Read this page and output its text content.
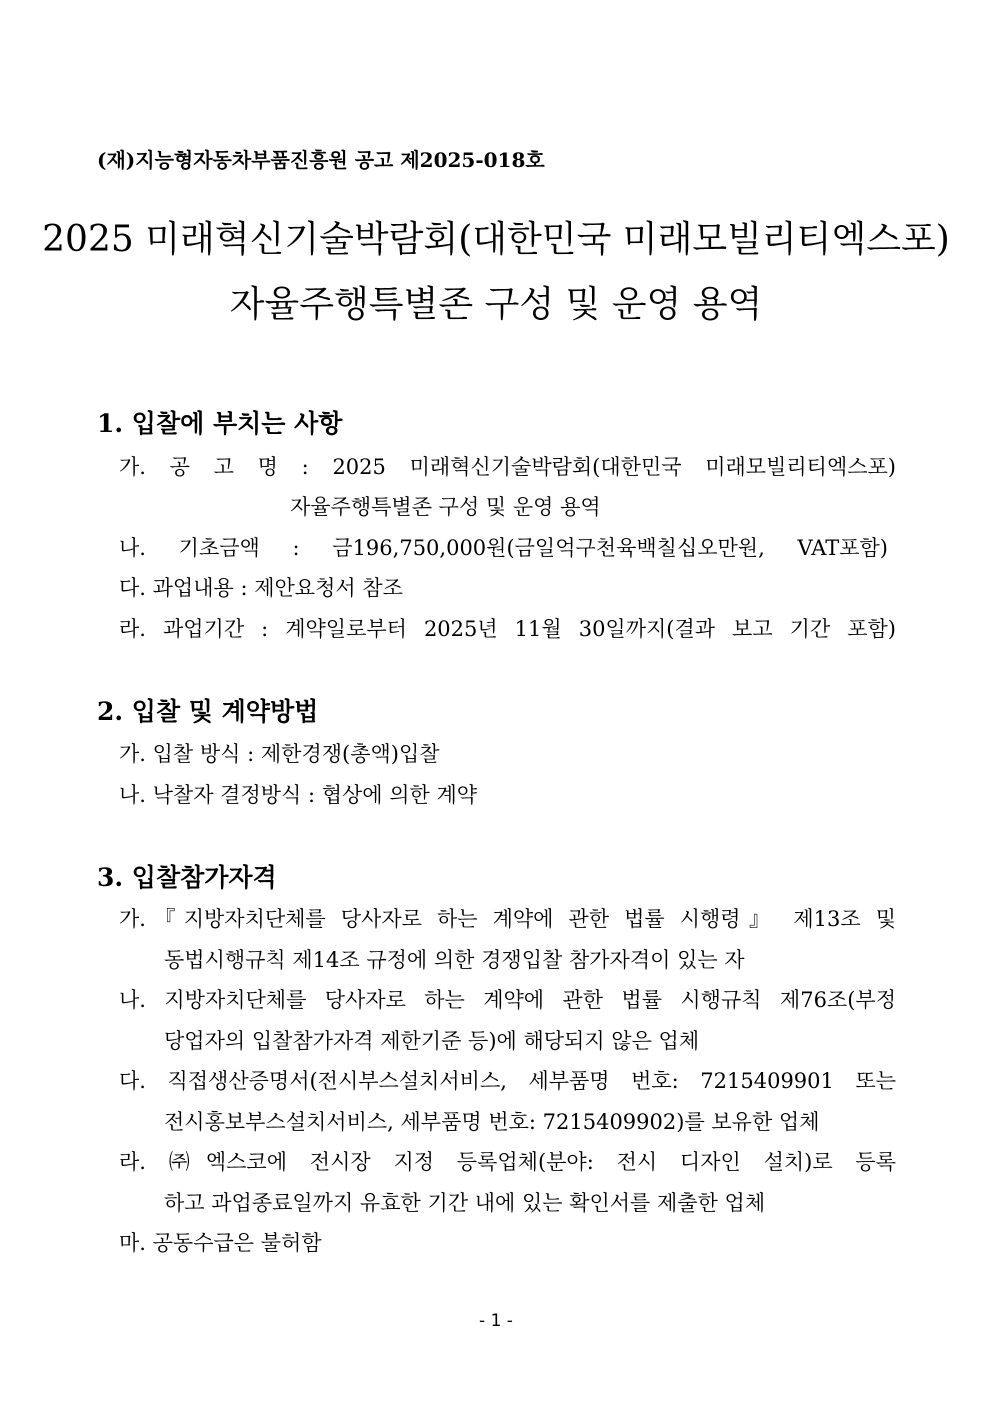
(재)지능형자동차부품진흥원 공고 제2025-018호
2025 미래혁신기술박람회(대한민국 미래모빌리티엑스포)
자율주행특별존 구성 및 운영 용역
1. 입찰에 부치는 사항
가. 공 고 명 : 2025 미래혁신기술박람회(대한민국 미래모빌리티엑스포)
자율주행특별존 구성 및 운영 용역
나. 기초금액 : 금196,750,000원(금일억구천육백칠십오만원, VAT포함)
다. 과업내용 : 제안요청서 참조
라. 과업기간 : 계약일로부터 2025년 11월 30일까지(결과 보고 기간 포함)
2. 입찰 및 계약방법
가. 입찰 방식 : 제한경쟁(총액)입찰
나. 낙찰자 결정방식 : 협상에 의한 계약
3. 입찰참가자격
가.『지방자치단체를 당사자로 하는 계약에 관한 법률 시행령』 제13조 및
동법시행규칙 제14조 규정에 의한 경쟁입찰 참가자격이 있는 자
나. 지방자치단체를 당사자로 하는 계약에 관한 법률 시행규칙 제76조(부정
당업자의 입찰참가자격 제한기준 등)에 해당되지 않은 업체
다. 직접생산증명서(전시부스설치서비스, 세부품명 번호: 7215409901 또는
전시홍보부스설치서비스, 세부품명 번호: 7215409902)를 보유한 업체
라. ㈜엑스코에 전시장 지정 등록업체(분야: 전시 디자인 설치)로 등록
하고 과업종료일까지 유효한 기간 내에 있는 확인서를 제출한 업체
마. 공동수급은 불허함
- 1 -
